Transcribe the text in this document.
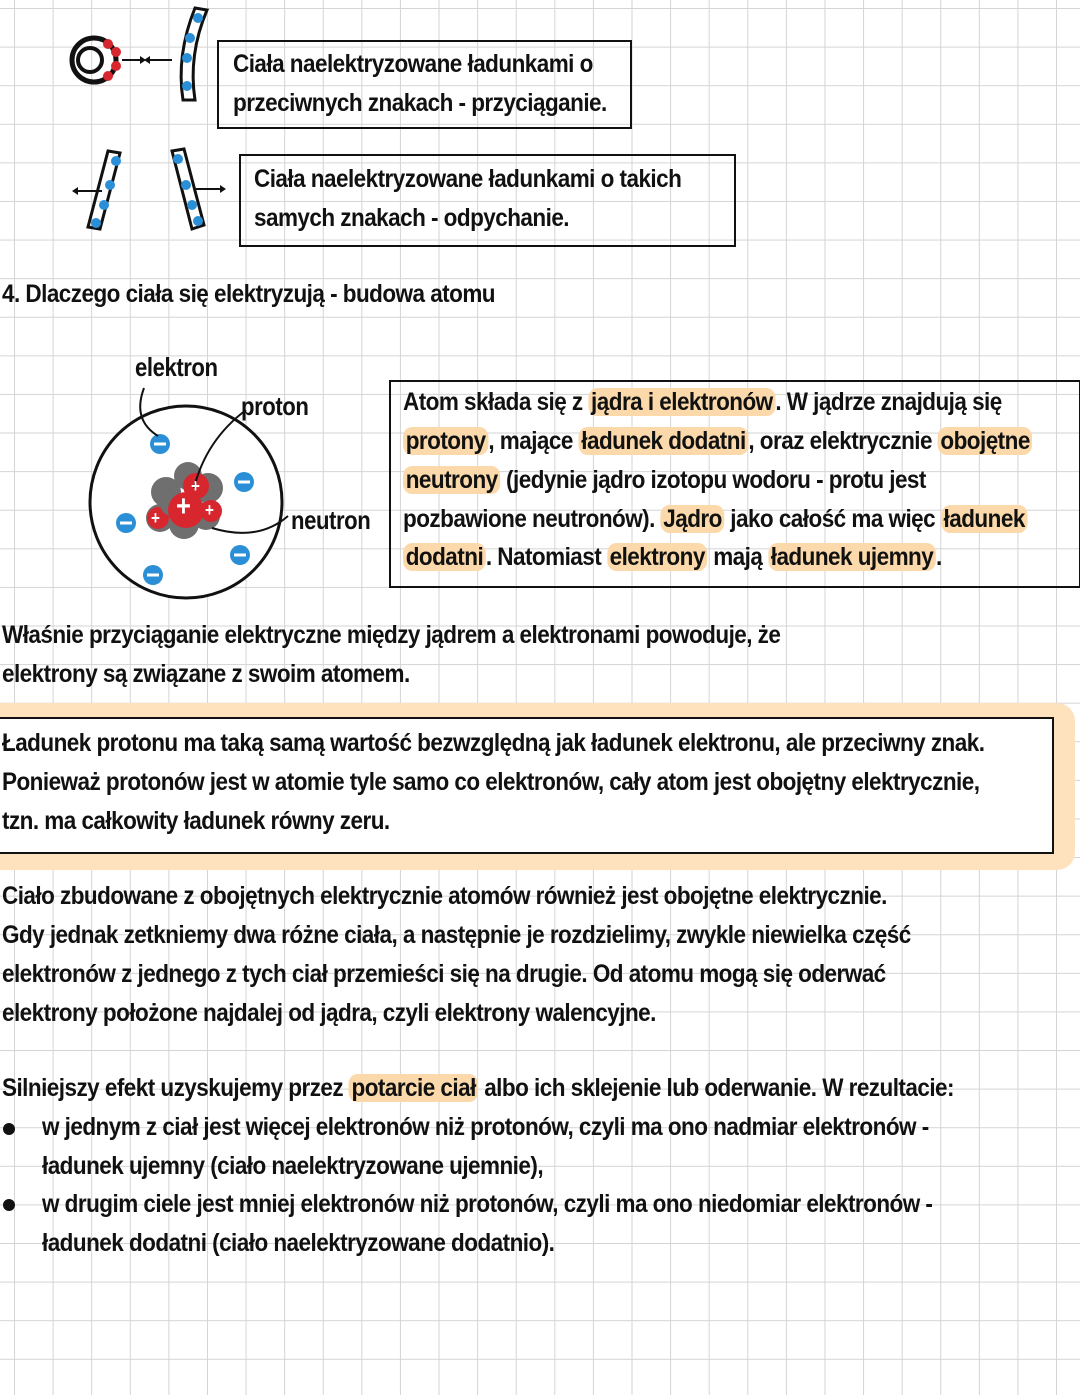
Ciała naelektryzowane ładunkami o
przeciwnych znakach - przyciąganie.
Ciała naelektryzowane ładunkami o takich
samych znakach - odpychanie.
4. Dlaczego ciała się elektryzują - budowa atomu
+
+
+
+
elektron
proton
neutron
Atom składa się z jądra i elektronów . W jądrze znajdują się
protony , mające ładunek dodatni , oraz elektrycznie obojętne
neutrony (jedynie jądro izotopu wodoru - protu jest
pozbawione neutronów). Jądro jako całość ma więc ładunek
dodatni . Natomiast elektrony mają ładunek ujemny .
Właśnie przyciąganie elektryczne między jądrem a elektronami powoduje, że
elektrony są związane z swoim atomem.
Ładunek protonu ma taką samą wartość bezwzględną jak ładunek elektronu, ale przeciwny znak.
Ponieważ protonów jest w atomie tyle samo co elektronów, cały atom jest obojętny elektrycznie,
tzn. ma całkowity ładunek równy zeru.
Ciało zbudowane z obojętnych elektrycznie atomów również jest obojętne elektrycznie.
Gdy jednak zetkniemy dwa różne ciała, a następnie je rozdzielimy, zwykle niewielka część
elektronów z jednego z tych ciał przemieści się na drugie. Od atomu mogą się oderwać
elektrony położone najdalej od jądra, czyli elektrony walencyjne.
Silniejszy efekt uzyskujemy przez potarcie ciał albo ich sklejenie lub oderwanie. W rezultacie:
w jednym z ciał jest więcej elektronów niż protonów, czyli ma ono nadmiar elektronów -
ładunek ujemny (ciało naelektryzowane ujemnie),
w drugim ciele jest mniej elektronów niż protonów, czyli ma ono niedomiar elektronów -
ładunek dodatni (ciało naelektryzowane dodatnio).
